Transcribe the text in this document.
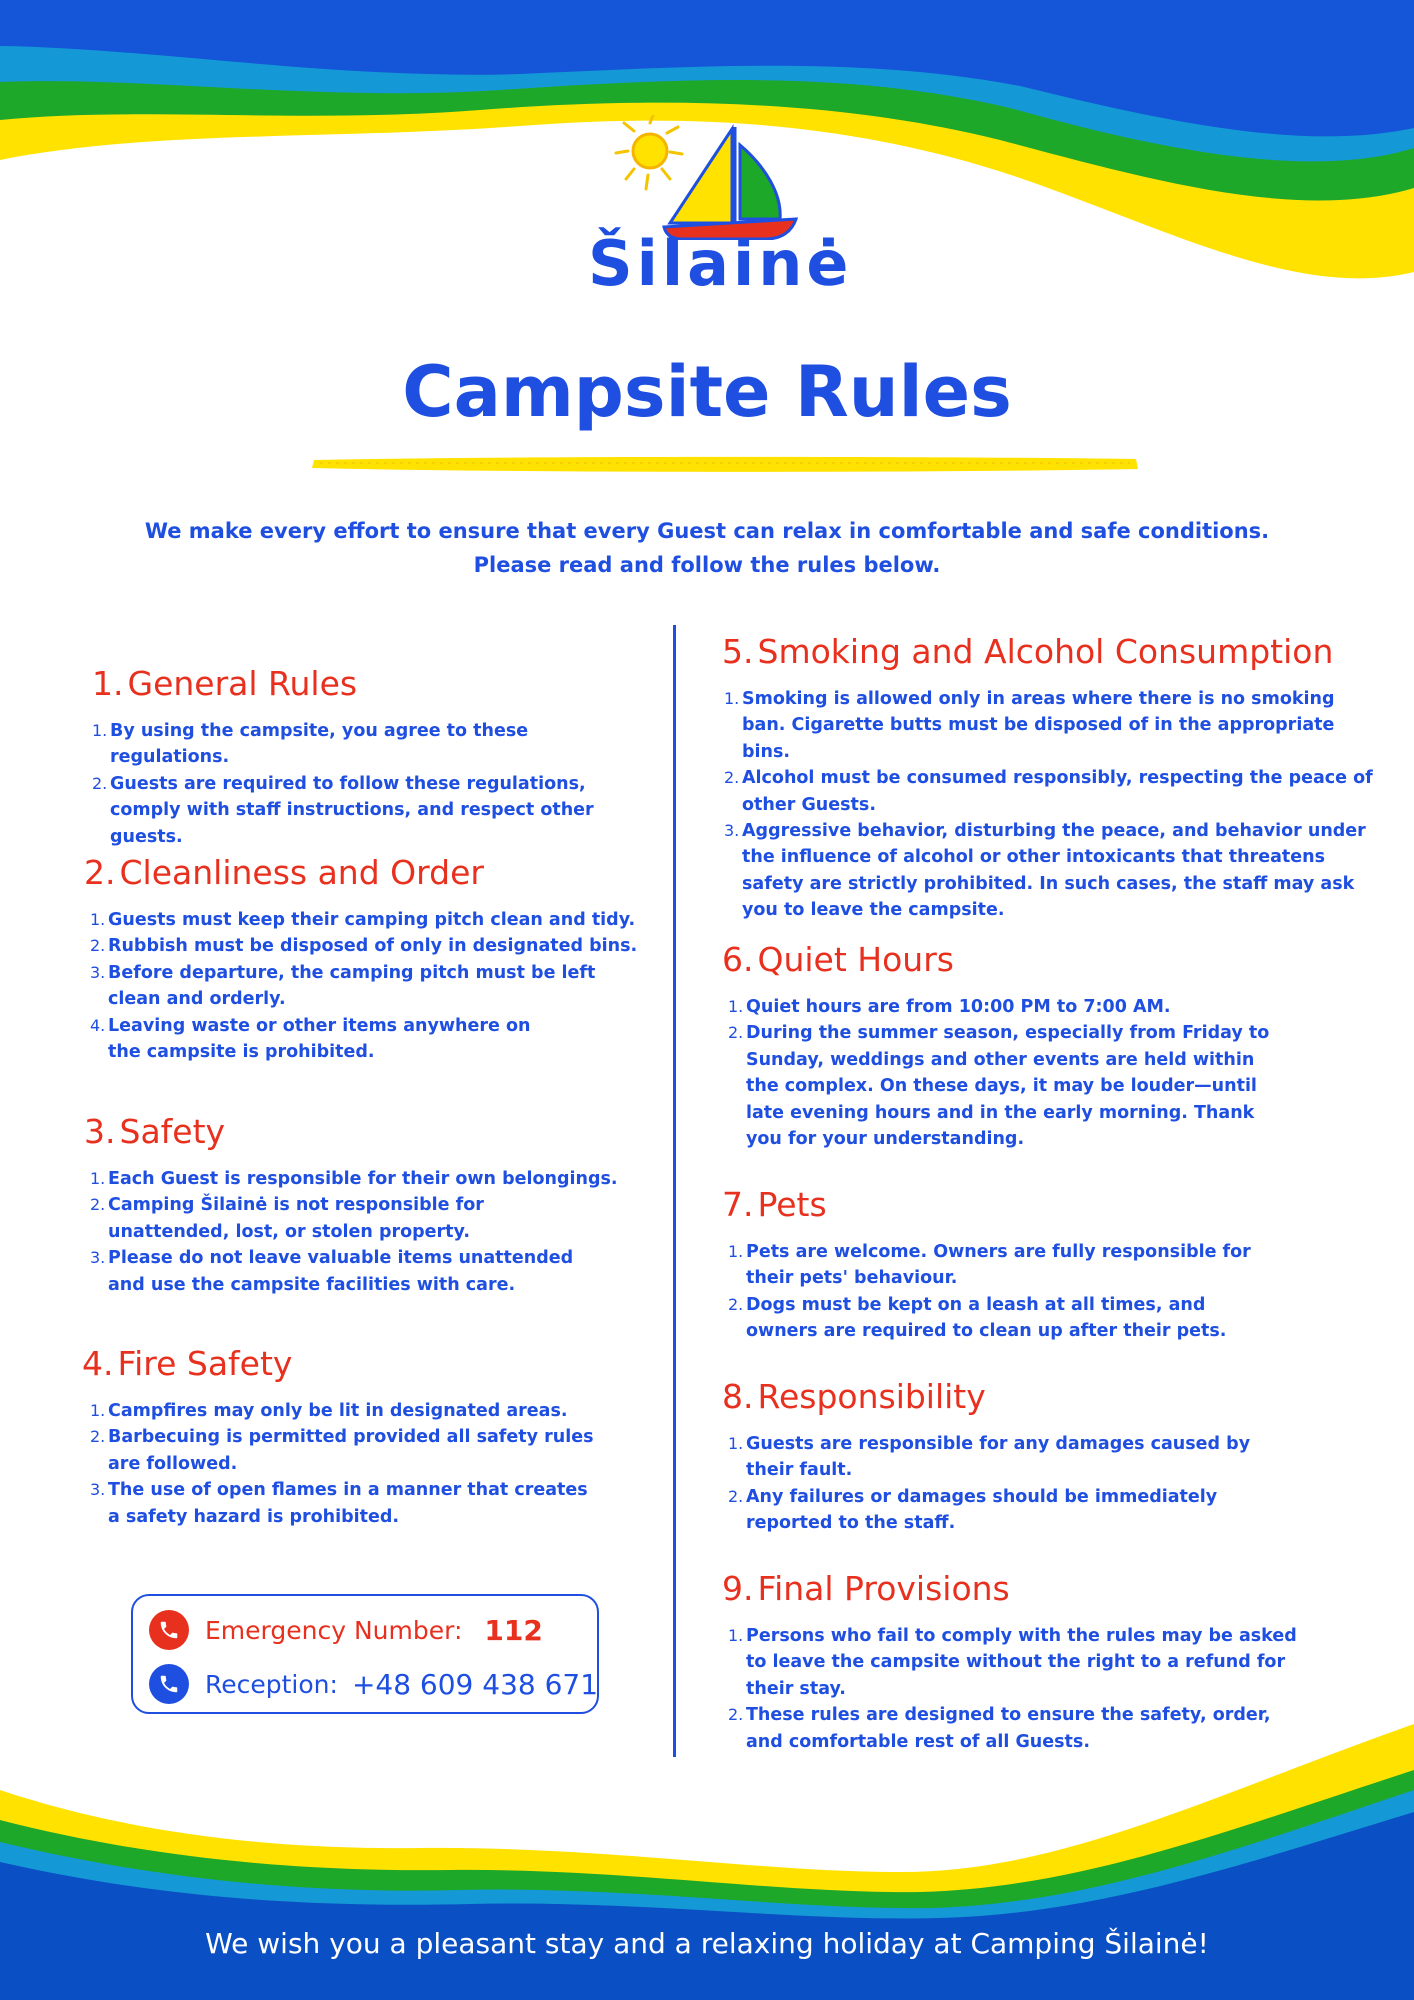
Šilainė
Campsite Rules
We make every effort to ensure that every Guest can relax in comfortable and safe conditions.
Please read and follow the rules below.
1. General Rules
1. By using the campsite, you agree to these regulations.
2. Guests are required to follow these regulations, comply with staff instructions, and respect other guests.
2. Cleanliness and Order
1. Guests must keep their camping pitch clean and tidy.
2. Rubbish must be disposed of only in designated bins.
3. Before departure, the camping pitch must be left clean and orderly.
4. Leaving waste or other items anywhere on the campsite is prohibited.
3. Safety
1. Each Guest is responsible for their own belongings.
2. Camping Šilainė is not responsible for unattended, lost, or stolen property.
3. Please do not leave valuable items unattended and use the campsite facilities with care.
4. Fire Safety
1. Campfires may only be lit in designated areas.
2. Barbecuing is permitted provided all safety rules are followed.
3. The use of open flames in a manner that creates a safety hazard is prohibited.
5. Smoking and Alcohol Consumption
1. Smoking is allowed only in areas where there is no smoking ban. Cigarette butts must be disposed of in the appropriate bins.
2. Alcohol must be consumed responsibly, respecting the peace of other Guests.
3. Aggressive behavior, disturbing the peace, and behavior under the influence of alcohol or other intoxicants that threatens safety are strictly prohibited. In such cases, the staff may ask you to leave the campsite.
6. Quiet Hours
1. Quiet hours are from 10:00 PM to 7:00 AM.
2. During the summer season, especially from Friday to Sunday, weddings and other events are held within the complex. On these days, it may be louder—until late evening hours and in the early morning. Thank you for your understanding.
7. Pets
1. Pets are welcome. Owners are fully responsible for their pets' behaviour.
2. Dogs must be kept on a leash at all times, and owners are required to clean up after their pets.
8. Responsibility
1. Guests are responsible for any damages caused by their fault.
2. Any failures or damages should be immediately reported to the staff.
9. Final Provisions
1. Persons who fail to comply with the rules may be asked to leave the campsite without the right to a refund for their stay.
2. These rules are designed to ensure the safety, order, and comfortable rest of all Guests.
Emergency Number: 112
Reception: +48 609 438 671
We wish you a pleasant stay and a relaxing holiday at Camping Šilainė!
